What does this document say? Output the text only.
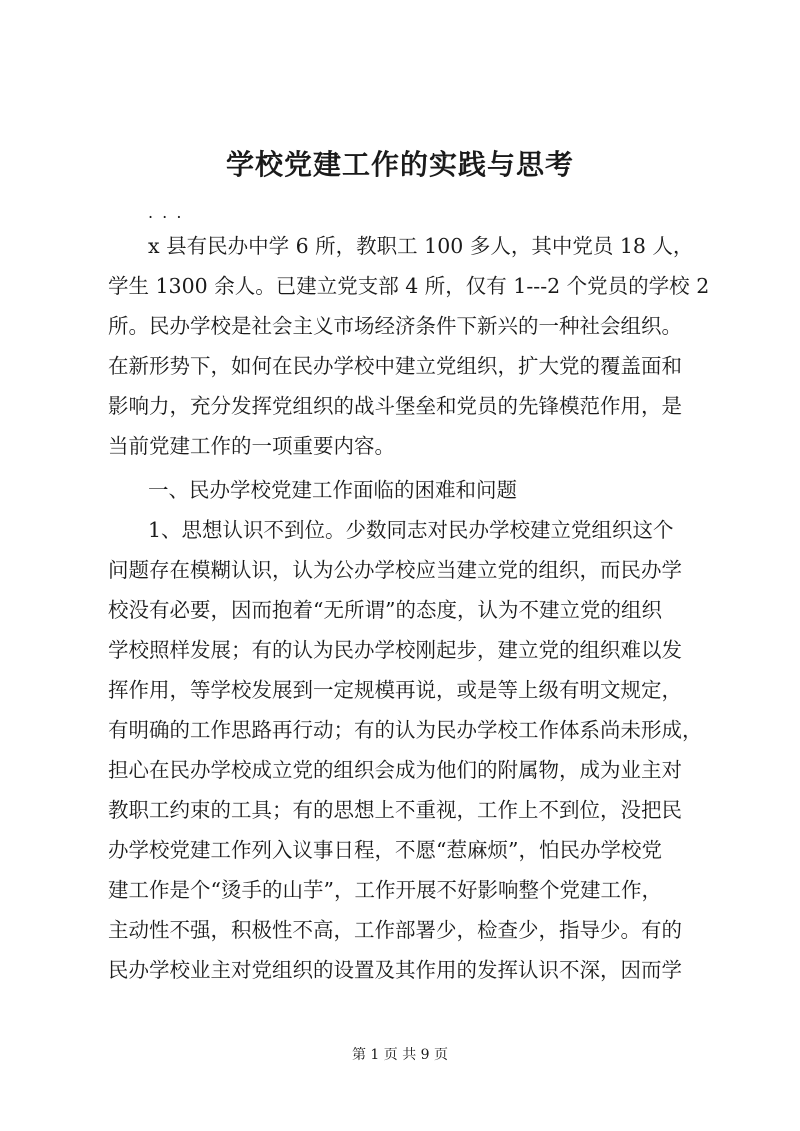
学校党建工作的实践与思考
. . .
x 县有民办中学 6 所，教职工 100 多人，其中党员 18 人，
学生 1300 余人。已建立党支部 4 所，仅有 1---2 个党员的学校 2
所。民办学校是社会主义市场经济条件下新兴的一种社会组织。
在新形势下，如何在民办学校中建立党组织，扩大党的覆盖面和
影响力，充分发挥党组织的战斗堡垒和党员的先锋模范作用，是
当前党建工作的一项重要内容。
一、民办学校党建工作面临的困难和问题
1、思想认识不到位。少数同志对民办学校建立党组织这个
问题存在模糊认识，认为公办学校应当建立党的组织，而民办学
校没有必要，因而抱着“无所谓”的态度，认为不建立党的组织
学校照样发展；有的认为民办学校刚起步，建立党的组织难以发
挥作用，等学校发展到一定规模再说，或是等上级有明文规定，
有明确的工作思路再行动；有的认为民办学校工作体系尚未形成，
担心在民办学校成立党的组织会成为他们的附属物，成为业主对
教职工约束的工具；有的思想上不重视，工作上不到位，没把民
办学校党建工作列入议事日程，不愿“惹麻烦”，怕民办学校党
建工作是个“烫手的山芋”，工作开展不好影响整个党建工作，
主动性不强，积极性不高，工作部署少，检查少，指导少。有的
民办学校业主对党组织的设置及其作用的发挥认识不深，因而学
第 1 页 共 9 页
